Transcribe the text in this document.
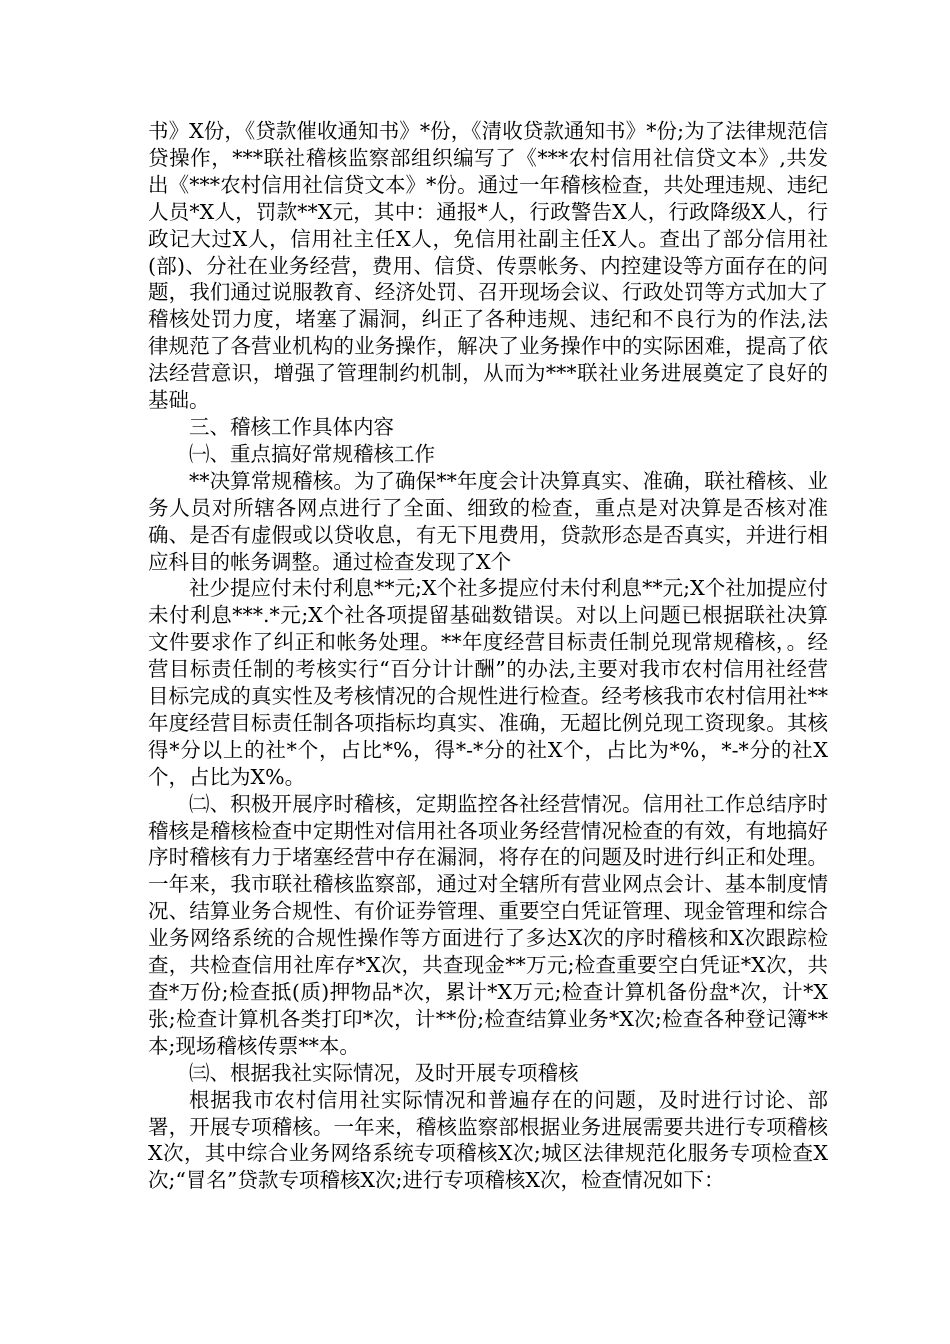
书》X份，《贷款催收通知书》*份，《清收贷款通知书》*份;为了法律规范信贷操作，***联社稽核监察部组织编写了《***农村信用社信贷文本》,共发出《***农村信用社信贷文本》*份。通过一年稽核检查，共处理违规、违纪人员*X人，罚款**X元，其中：通报*人，行政警告X人，行政降级X人，行政记大过X人，信用社主任X人，免信用社副主任X人。查出了部分信用社(部)、分社在业务经营，费用、信贷、传票帐务、内控建设等方面存在的问题，我们通过说服教育、经济处罚、召开现场会议、行政处罚等方式加大了稽核处罚力度，堵塞了漏洞，纠正了各种违规、违纪和不良行为的作法,法律规范了各营业机构的业务操作，解决了业务操作中的实际困难，提高了依法经营意识，增强了管理制约机制，从而为***联社业务进展奠定了良好的基础。

三、稽核工作具体内容

㈠、重点搞好常规稽核工作

**决算常规稽核。为了确保**年度会计决算真实、准确，联社稽核、业务人员对所辖各网点进行了全面、细致的检查，重点是对决算是否核对准确、是否有虚假或以贷收息，有无下甩费用，贷款形态是否真实，并进行相应科目的帐务调整。通过检查发现了X个

社少提应付未付利息**元;X个社多提应付未付利息**元;X个社加提应付未付利息***.*元;X个社各项提留基础数错误。对以上问题已根据联社决算文件要求作了纠正和帐务处理。**年度经营目标责任制兑现常规稽核，。经营目标责任制的考核实行“百分计计酬”的办法,主要对我市农村信用社经营目标完成的真实性及考核情况的合规性进行检查。经考核我市农村信用社**年度经营目标责任制各项指标均真实、准确，无超比例兑现工资现象。其核得*分以上的社*个，占比*%，得*-*分的社X个，占比为*%，*-*分的社X个，占比为X%。

㈡、积极开展序时稽核，定期监控各社经营情况。信用社工作总结序时稽核是稽核检查中定期性对信用社各项业务经营情况检查的有效，有地搞好序时稽核有力于堵塞经营中存在漏洞，将存在的问题及时进行纠正和处理。一年来，我市联社稽核监察部，通过对全辖所有营业网点会计、基本制度情况、结算业务合规性、有价证券管理、重要空白凭证管理、现金管理和综合业务网络系统的合规性操作等方面进行了多达X次的序时稽核和X次跟踪检查，共检查信用社库存*X次，共查现金**万元;检查重要空白凭证*X次，共查*万份;检查抵(质)押物品*次，累计*X万元;检查计算机备份盘*次，计*X张;检查计算机各类打印*次，计**份;检查结算业务*X次;检查各种登记簿**本;现场稽核传票**本。

㈢、根据我社实际情况，及时开展专项稽核

根据我市农村信用社实际情况和普遍存在的问题，及时进行讨论、部署，开展专项稽核。一年来，稽核监察部根据业务进展需要共进行专项稽核X次，其中综合业务网络系统专项稽核X次;城区法律规范化服务专项检查X次;“冒名”贷款专项稽核X次;进行专项稽核X次，检查情况如下：
